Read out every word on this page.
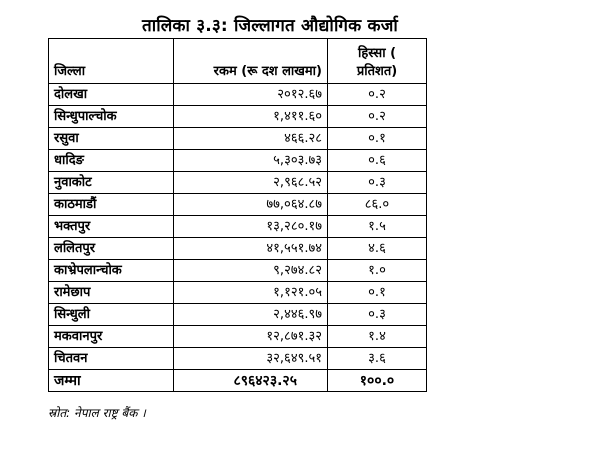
तालिका ३.३: जिल्लागत औद्योगिक कर्जा
जिल्ला	रकम (रू दश लाखमा)	हिस्सा (
प्रतिशत)
दोलखा	२०१२.६७	०.२
सिन्धुपाल्चोक	१,४११.६०	०.२
रसुवा	४६६.२८	०.१
धादिङ	५,३०३.७३	०.६
नुवाकोट	२,९६८.५२	०.३
काठमाडौं	७७,०६४.८७	८६.०
भक्तपुर	१३,२८०.१७	१.५
ललितपुर	४१,५५१.७४	४.६
काभ्रेपलान्चोक	९,२७४.८२	१.०
रामेछाप	१,१२१.०५	०.१
सिन्धुली	२,४४६.९७	०.३
मकवानपुर	१२,८७१.३२	१.४
चितवन	३२,६४९.५१	३.६
जम्मा	८९६४२३.२५	१००.०
स्रोत: नेपाल राष्ट्र बैंक ।
